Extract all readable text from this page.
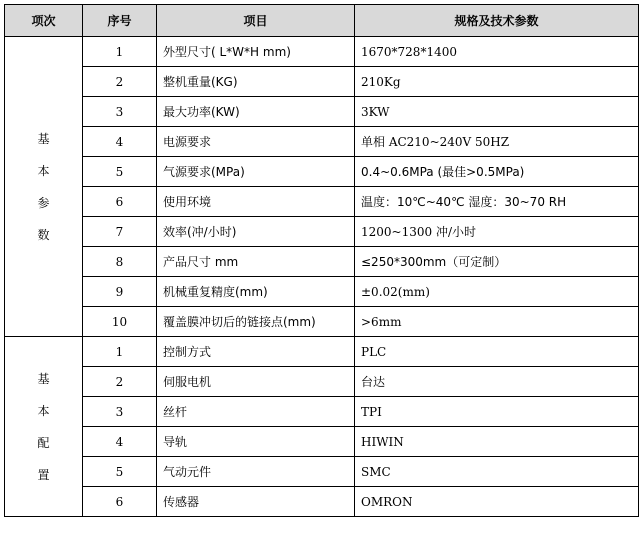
项次	序号	项目	规格及技术参数

基
本
参
数	1	外型尺寸( L*W*H mm)	1670*728*1400
	2	整机重量(KG)	210Kg
	3	最大功率(KW)	3KW
	4	电源要求	单相 AC210~240V 50HZ
	5	气源要求(MPa)	0.4~0.6MPa (最佳>0.5MPa)
	6	使用环境	温度：10℃~40℃ 湿度：30~70 RH
	7	效率(冲/小时)	1200~1300 冲/小时
	8	产品尺寸 mm	≤250*300mm（可定制）
	9	机械重复精度(mm)	±0.02(mm)
	10	覆盖膜冲切后的链接点(mm)	>6mm

基
本
配
置	1	控制方式	PLC
	2	伺服电机	台达
	3	丝杆	TPI
	4	导轨	HIWIN
	5	气动元件	SMC
	6	传感器	OMRON
